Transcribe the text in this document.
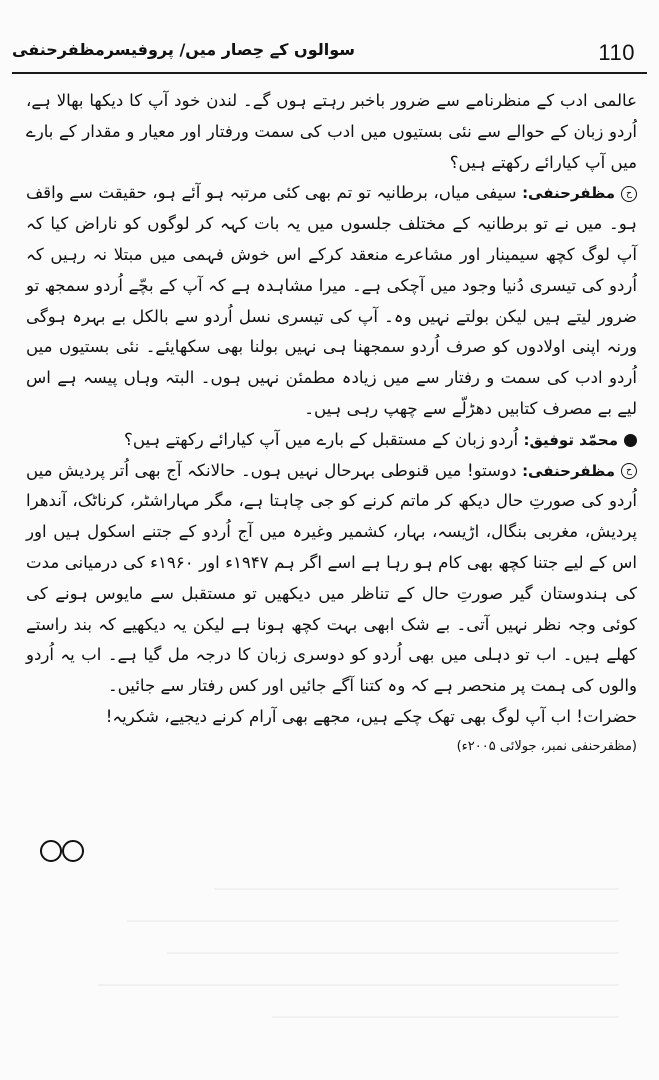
سوالوں کے حِصار میں/ پروفیسرمظفرحنفی	110

عالمی ادب کے منظرنامے سے ضرور باخبر رہتے ہوں گے۔ لندن خود آپ کا دیکھا بھالا ہے، اُردو زبان کے حوالے سے نئی بستیوں میں ادب کی سمت ورفتار اور معیار و مقدار کے بارے میں آپ کیارائے رکھتے ہیں؟

حمظفرحنفی: سیفی میاں، برطانیہ تو تم بھی کئی مرتبہ ہو آئے ہو، حقیقت سے واقف ہو۔ میں نے تو برطانیہ کے مختلف جلسوں میں یہ بات کہہ کر لوگوں کو ناراض کیا کہ آپ لوگ کچھ سیمینار اور مشاعرے منعقد کرکے اس خوش فہمی میں مبتلا نہ رہیں کہ اُردو کی تیسری دُنیا وجود میں آچکی ہے۔ میرا مشاہدہ ہے کہ آپ کے بچّے اُردو سمجھ تو ضرور لیتے ہیں لیکن بولتے نہیں وہ۔ آپ کی تیسری نسل اُردو سے بالکل بے بہرہ ہوگی ورنہ اپنی اولادوں کو صرف اُردو سمجھنا ہی نہیں بولنا بھی سکھایئے۔ نئی بستیوں میں اُردو ادب کی سمت و رفتار سے میں زیادہ مطمئن نہیں ہوں۔ البتہ وہاں پیسہ ہے اس لیے بے مصرف کتابیں دھڑلّے سے چھپ رہی ہیں۔

محمّد توفیق: اُردو زبان کے مستقبل کے بارے میں آپ کیارائے رکھتے ہیں؟

حمظفرحنفی: دوستو! میں قنوطی بہرحال نہیں ہوں۔ حالانکہ آج بھی اُتر پردیش میں اُردو کی صورتِ حال دیکھ کر ماتم کرنے کو جی چاہتا ہے، مگر مہاراشٹر، کرناٹک، آندھرا پردیش، مغربی بنگال، اڑیسہ، بہار، کشمیر وغیرہ میں آج اُردو کے جتنے اسکول ہیں اور اس کے لیے جتنا کچھ بھی کام ہو رہا ہے اسے اگر ہم ۱۹۴۷ء اور ۱۹۶۰ء کی درمیانی مدت کی ہندوستان گیر صورتِ حال کے تناظر میں دیکھیں تو مستقبل سے مایوس ہونے کی کوئی وجہ نظر نہیں آتی۔ بے شک ابھی بہت کچھ ہونا ہے لیکن یہ دیکھیے کہ بند راستے کھلے ہیں۔ اب تو دہلی میں بھی اُردو کو دوسری زبان کا درجہ مل گیا ہے۔ اب یہ اُردو والوں کی ہمت پر منحصر ہے کہ وہ کتنا آگے جائیں اور کس رفتار سے جائیں۔

حضرات! اب آپ لوگ بھی تھک چکے ہیں، مجھے بھی آرام کرنے دیجیے، شکریہ!

(مظفرحنفی نمبر، جولائی ۲۰۰۵ء)
